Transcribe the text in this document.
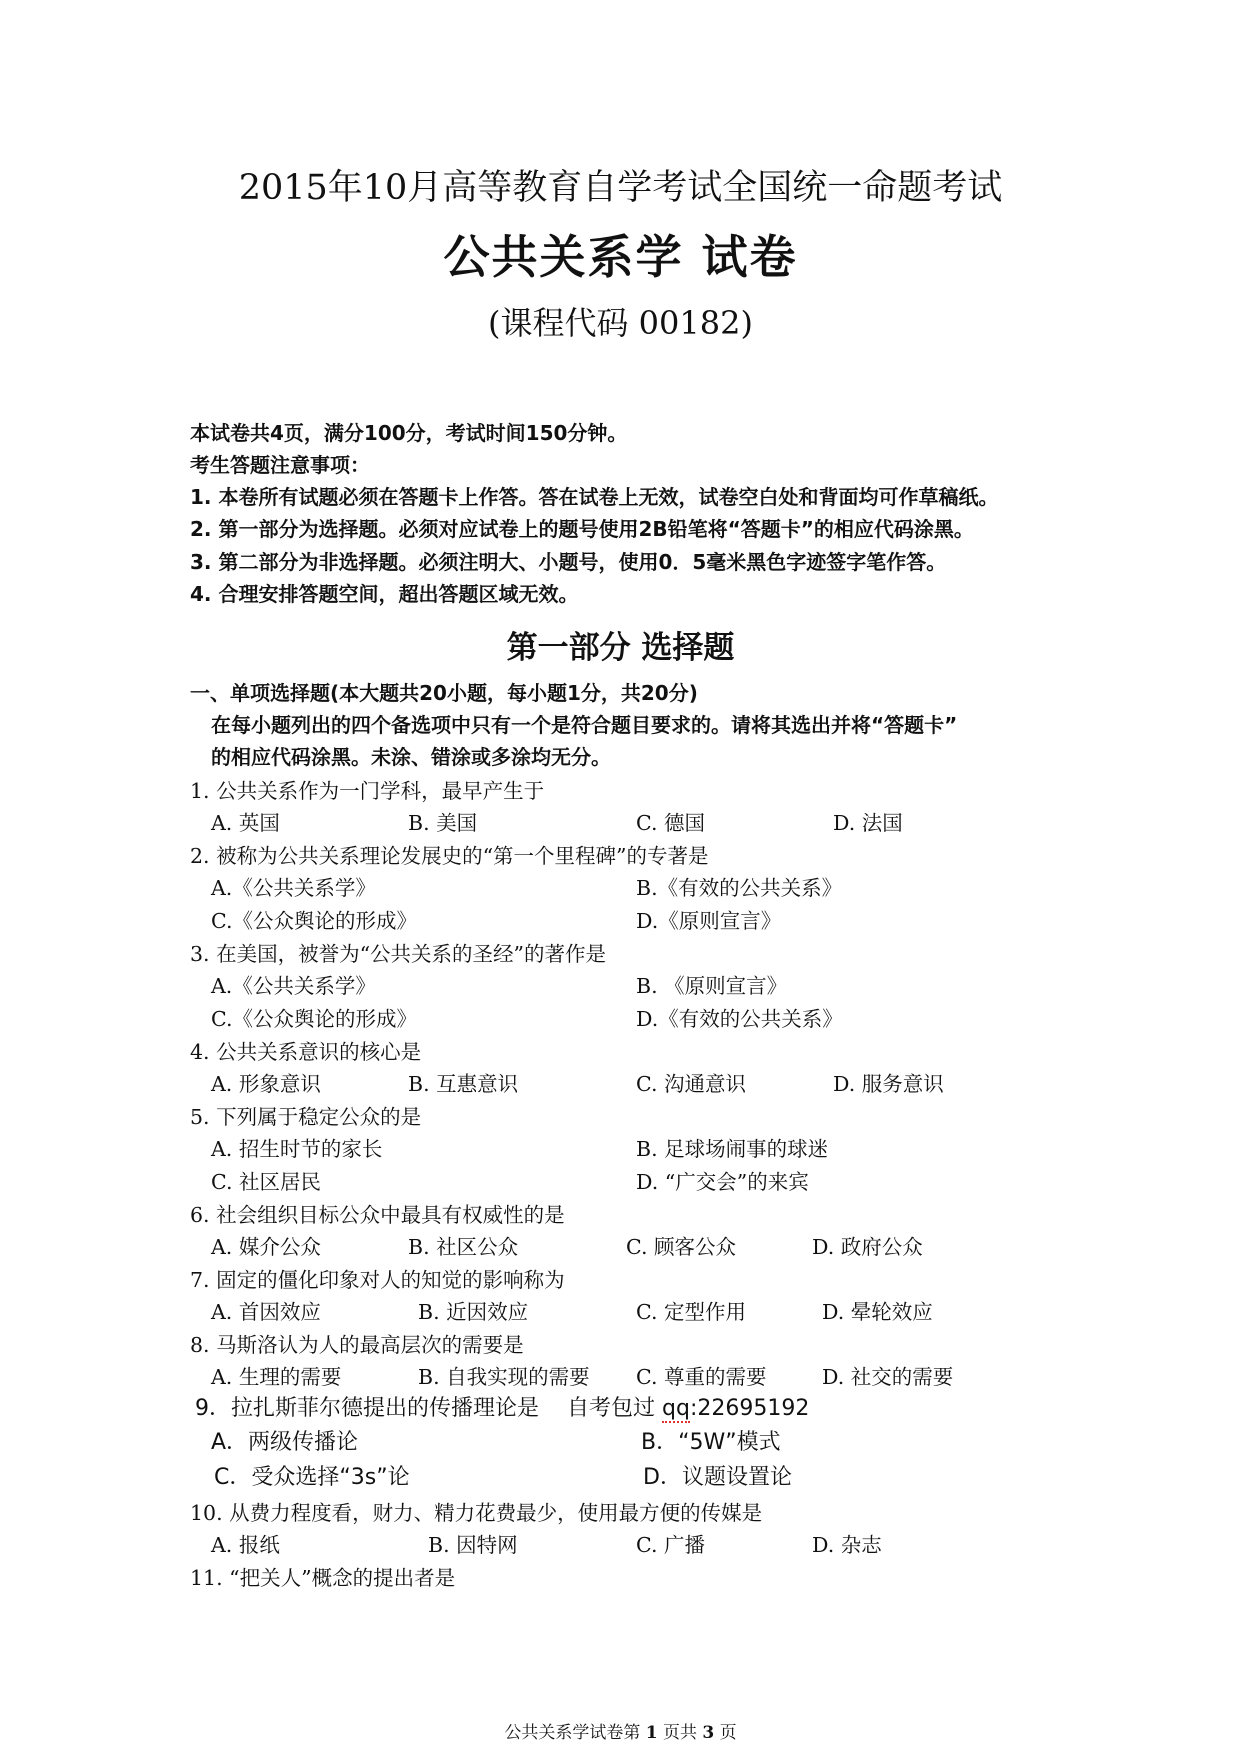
2015年10月高等教育自学考试全国统一命题考试
公共关系学 试卷
(课程代码 00182)
本试卷共4页，满分100分，考试时间150分钟。
考生答题注意事项：
1. 本卷所有试题必须在答题卡上作答。答在试卷上无效，试卷空白处和背面均可作草稿纸。
2. 第一部分为选择题。必须对应试卷上的题号使用2B铅笔将“答题卡”的相应代码涂黑。
3. 第二部分为非选择题。必须注明大、小题号，使用0．5毫米黑色字迹签字笔作答。
4. 合理安排答题空间，超出答题区域无效。
第一部分 选择题
一、单项选择题(本大题共20小题，每小题1分，共20分)
在每小题列出的四个备选项中只有一个是符合题目要求的。请将其选出并将“答题卡”
的相应代码涂黑。未涂、错涂或多涂均无分。
1. 公共关系作为一门学科，最早产生于
A. 英国	B. 美国	C. 德国	D. 法国
2. 被称为公共关系理论发展史的“第一个里程碑”的专著是
A.《公共关系学》	B.《有效的公共关系》
C.《公众舆论的形成》	D.《原则宣言》
3. 在美国，被誉为“公共关系的圣经”的著作是
A.《公共关系学》	B. 《原则宣言》
C.《公众舆论的形成》	D.《有效的公共关系》
4. 公共关系意识的核心是
A. 形象意识	B. 互惠意识	C. 沟通意识	D. 服务意识
5. 下列属于稳定公众的是
A. 招生时节的家长	B. 足球场闹事的球迷
C. 社区居民	D. “广交会”的来宾
6. 社会组织目标公众中最具有权威性的是
A. 媒介公众	B. 社区公众	C. 顾客公众	D. 政府公众
7. 固定的僵化印象对人的知觉的影响称为
A. 首因效应	B. 近因效应	C. 定型作用	D. 晕轮效应
8. 马斯洛认为人的最高层次的需要是
A. 生理的需要	B. 自我实现的需要 C. 尊重的需要	D. 社交的需要
9．拉扎斯菲尔德提出的传播理论是 自考包过 qq:22695192
A．两级传播论	B．“5W”模式
C．受众选择“3s”论	D．议题设置论
10. 从费力程度看，财力、精力花费最少，使用最方便的传媒是
A. 报纸	B. 因特网	C. 广播	D. 杂志
11. “把关人”概念的提出者是
公共关系学试卷第 1 页共 3 页
